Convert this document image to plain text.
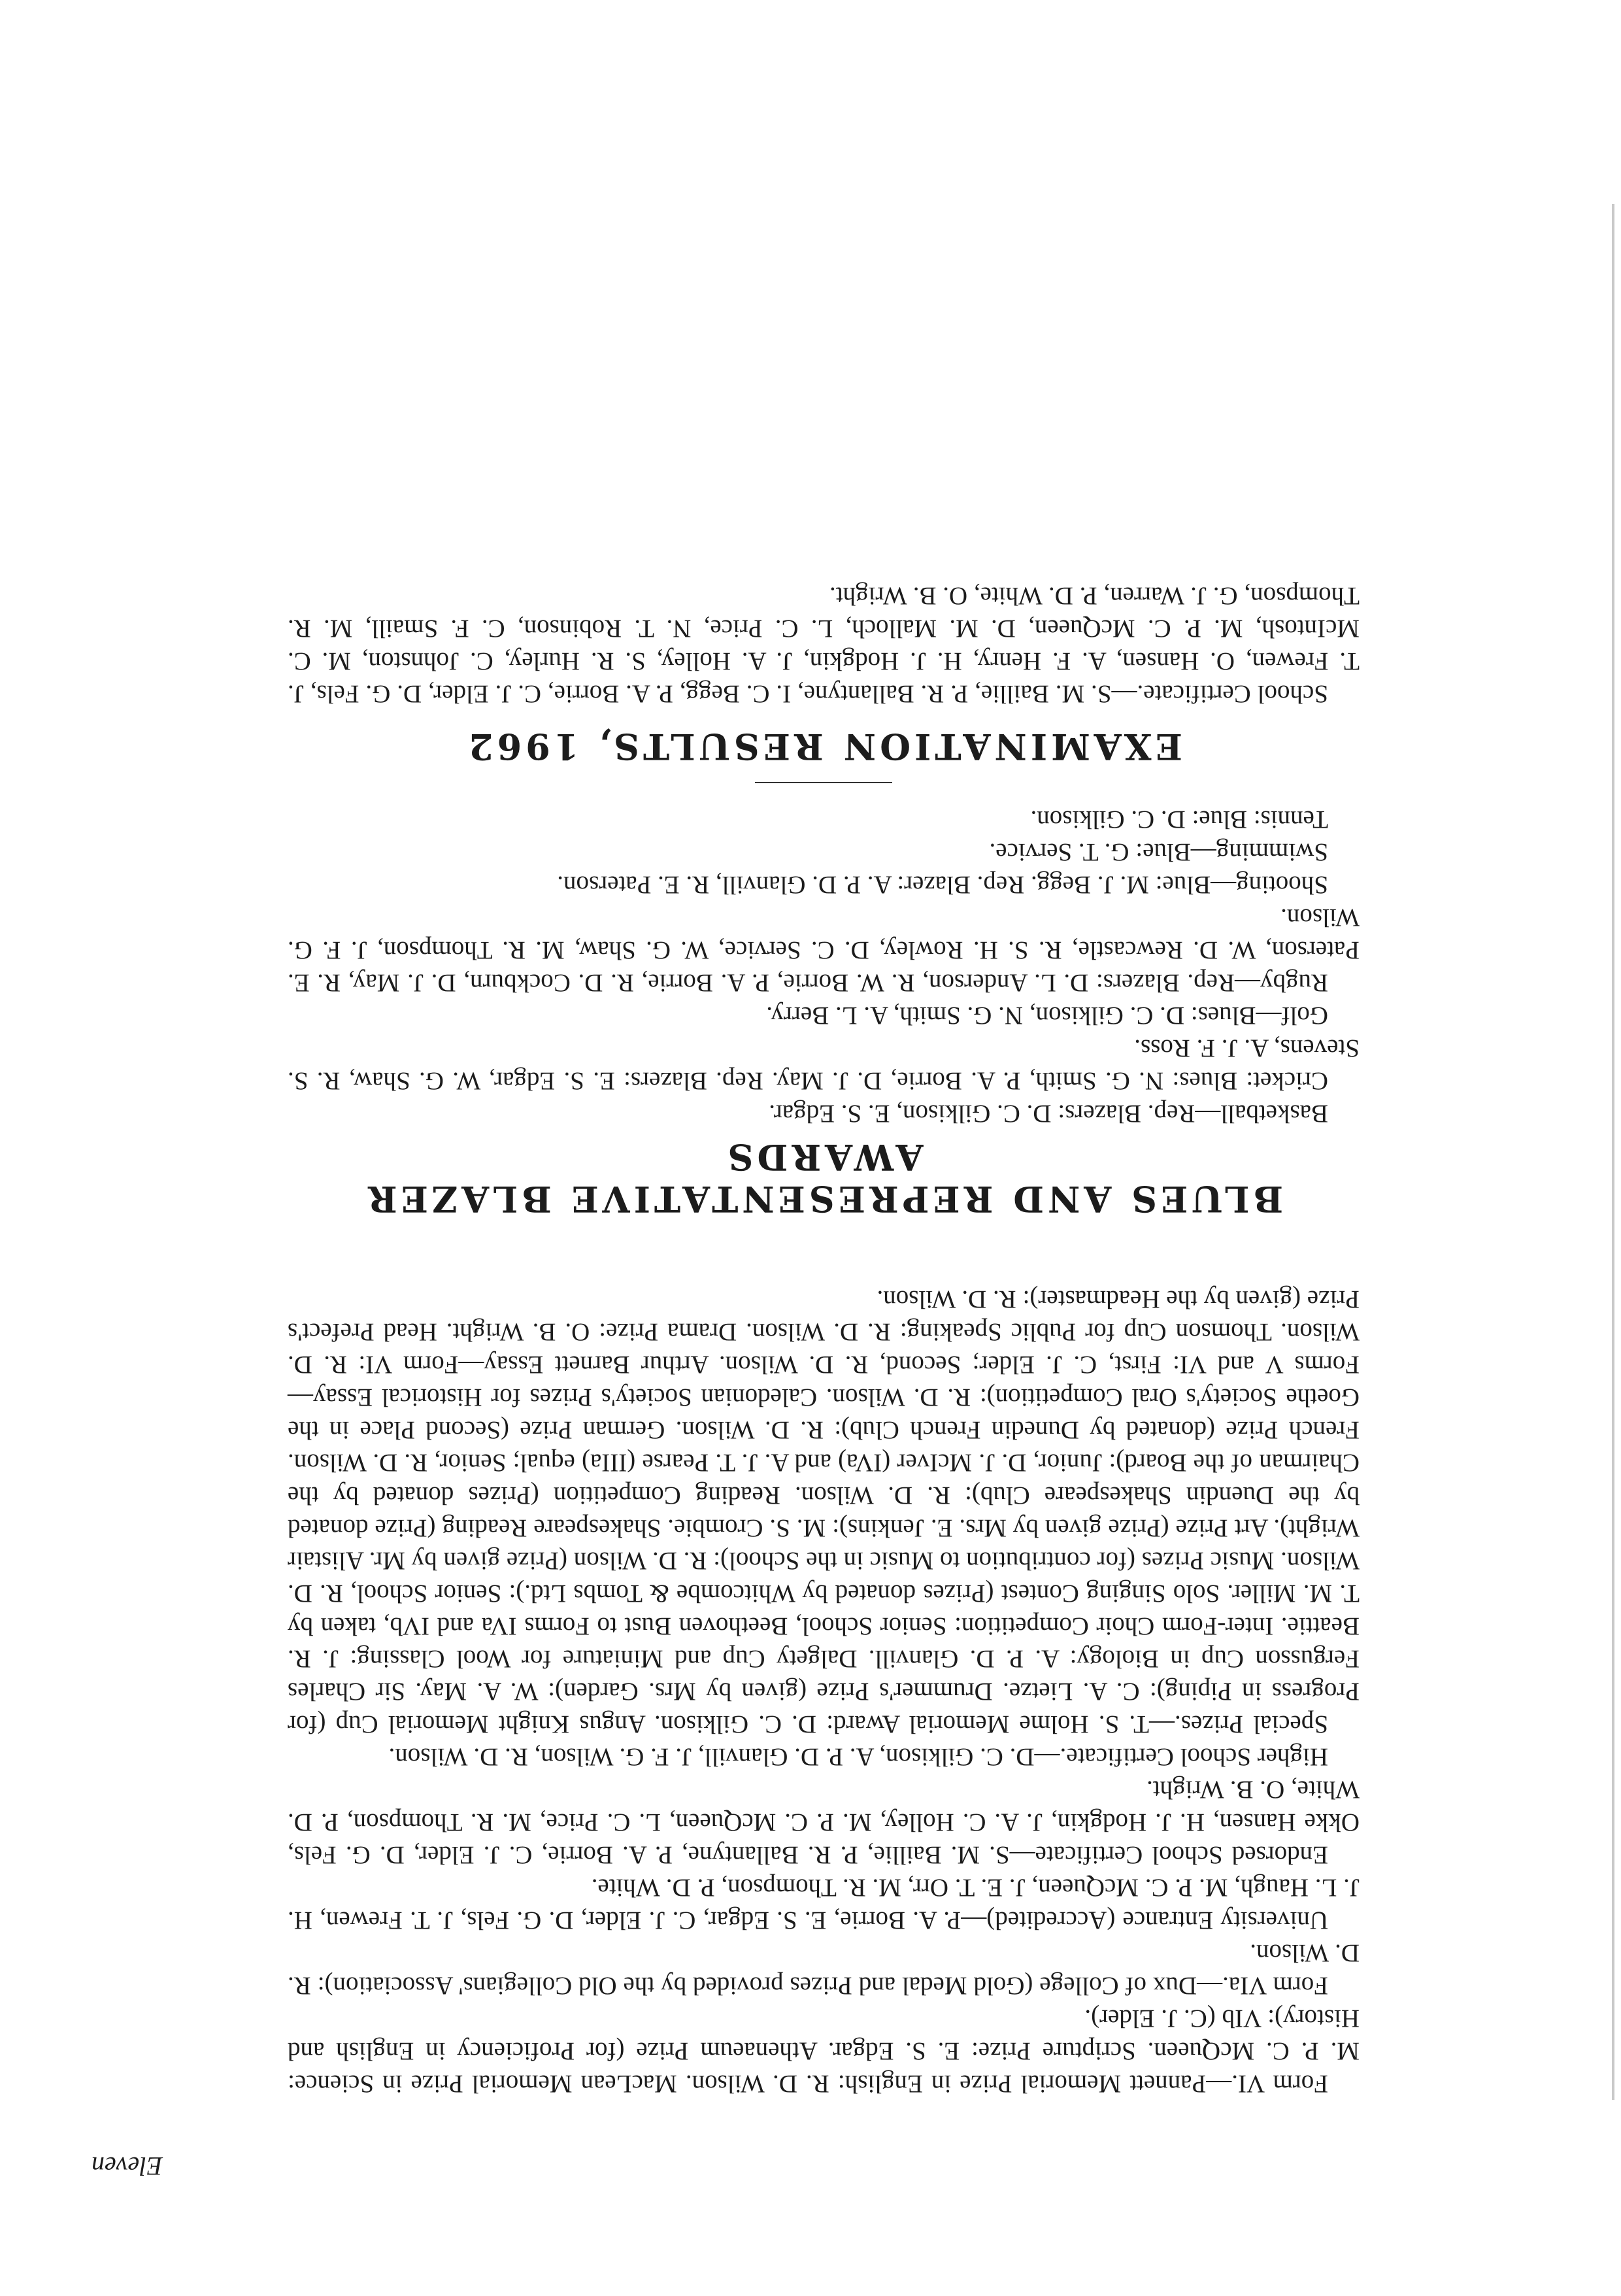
Form VI.—Pannett Memorial Prize in English: R. D. Wilson. MacLean Memorial Prize in Science: M. P. C. McQueen. Scripture Prize: E. S. Edgar. Athenaeum Prize (for Proficiency in English and History): VIb (C. J. Elder).

Form VIa.—Dux of College (Gold Medal and Prizes provided by the Old Collegians' Association): R. D. Wilson.

University Entrance (Accredited)—P. A. Borrie, E. S. Edgar, C. J. Elder, D. G. Fels, J. T. Frewen, H. J. L. Haugh, M. P. C. McQueen, J. E. T. Orr, M. R. Thompson, P. D. White.

Endorsed School Certificate—S. M. Baillie, P. R. Ballantyne, P. A. Borrie, C. J. Elder, D. G. Fels, Okke Hansen, H. J. Hodgkin, J. A. C. Holley, M. P. C. McQueen, L. C. Price, M. R. Thompson, P. D. White, O. B. Wright.

Higher School Certificate.—D. C. Gilkison, A. P. D. Glanvill, J. F. G. Wilson, R. D. Wilson.

Special Prizes.—T. S. Holme Memorial Award: D. C. Gilkison. Angus Knight Memorial Cup (for Progress in Piping): C. A. Lietze. Drummer's Prize (given by Mrs. Garden): W. A. May. Sir Charles Fergusson Cup in Biology: A. P. D. Glanvill. Dalgety Cup and Miniature for Wool Classing: J. R. Beattie. Inter-Form Choir Competition: Senior School, Beethoven Bust to Forms IVa and IVb, taken by T. M. Miller. Solo Singing Contest (Prizes donated by Whitcombe & Tombs Ltd.): Senior School, R. D. Wilson. Music Prizes (for contribution to Music in the School): R. D. Wilson (Prize given by Mr. Alistair Wright). Art Prize (Prize given by Mrs. E. Jenkins): M. S. Crombie. Shakespeare Reading (Prize donated by the Duendin Shakespeare Club): R. D. Wilson. Reading Competition (Prizes donated by the Chairman of the Board): Junior, D. J. McIver (IVa) and A. J. T. Pearse (IIIa) equal; Senior, R. D. Wilson. French Prize (donated by Dunedin French Club): R. D. Wilson. German Prize (Second Place in the Goethe Society's Oral Competition): R. D. Wilson. Caledonian Society's Prizes for Historical Essay—Forms V and VI: First, C. J. Elder; Second, R. D. Wilson. Arthur Barnett Essay—Form VI: R. D. Wilson. Thomson Cup for Public Speaking: R. D. Wilson. Drama Prize: O. B. Wright. Head Prefect's Prize (given by the Headmaster): R. D. Wilson.

BLUES AND REPRESENTATIVE BLAZER AWARDS

Basketball—Rep. Blazers: D. C. Gilkison, E. S. Edgar.

Cricket: Blues: N. G. Smith, P. A. Borrie, D. J. May. Rep. Blazers: E. S. Edgar, W. G. Shaw, R. S. Stevens, A. J. F. Ross.

Golf—Blues: D. C. Gilkison, N. G. Smith, A. L. Berry.

Rugby—Rep. Blazers: D. L. Anderson, R. W. Borrie, P. A. Borrie, R. D. Cockburn, D. J. May, R. E. Paterson, W. D. Rewcastle, R. S. H. Rowley, D. C. Service, W. G. Shaw, M. R. Thompson, J. F. G. Wilson.

Shooting—Blue: M. J. Begg. Rep. Blazer: A. P. D. Glanvill, R. E. Paterson.

Swimming—Blue: G. T. Service.

Tennis: Blue: D. C. Gilkison.

EXAMINATION RESULTS, 1962

School Certificate.—S. M. Baillie, P. R. Ballantyne, I. C. Begg, P. A. Borrie, C. J. Elder, D. G. Fels, J. T. Frewen, O. Hansen, A. F. Henry, H. J. Hodgkin, J. A. Holley, S. R. Hurley, C. Johnston, M. C. McIntosh, M. P. C. McQueen, D. M. Malloch, L. C. Price, N. T. Robinson, C. F. Smaill, M. R. Thompson, G. J. Warren, P. D. White, O. B. Wright.

Eleven
